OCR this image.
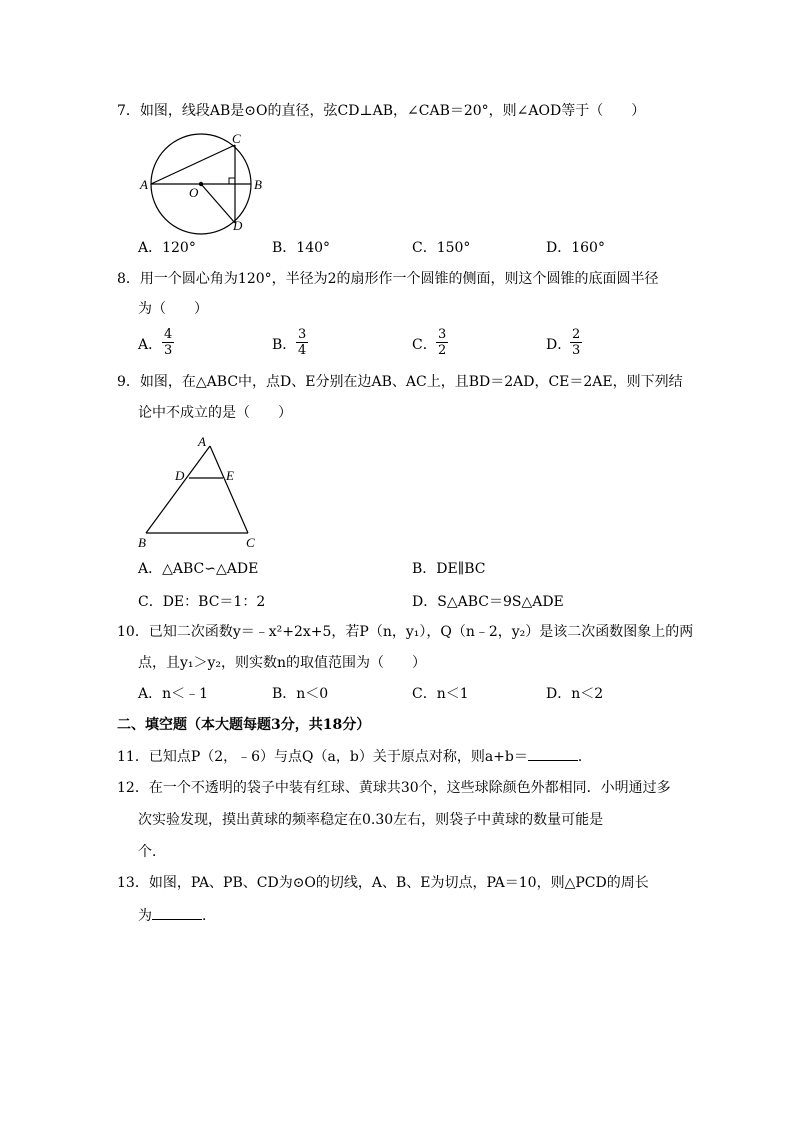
7．如图，线段AB是⊙O的直径，弦CD⊥AB，∠CAB＝20°，则∠AOD等于（　　）
A	B
C
D
O
A．120°	B．140°	C．150°	D．160°
8．用一个圆心角为120°，半径为2的扇形作一个圆锥的侧面，则这个圆锥的底面圆半径
为（　　）
A． $\frac{4}{3}$	B． $\frac{3}{4}$	C． $\frac{3}{2}$	D．
$\frac{2}{3}$
9．如图，在△ABC中，点D、E分别在边AB、AC上，且BD＝2AD，CE＝2AE，则下列结
论中不成立的是（　　）
A
D	E
B	C
A．△ABC∽△ADE	B．DE∥BC
C．DE：BC＝1：2	D．S△ABC＝9S△ADE
10．已知二次函数y＝﹣x²+2x+5，若P（n，y₁），Q（n﹣2，y₂）是该二次函数图象上的两
点，且y₁＞y₂，则实数n的取值范围为（　　）
A．n＜﹣1	B．n＜0	C．n＜1	D．n＜2
二、填空题（本大题每题3分，共18分）
11．已知点P（2，﹣6）与点Q（a，b）关于原点对称，则a+b＝	．
12．在一个不透明的袋子中装有红球、黄球共30个，这些球除颜色外都相同．小明通过多
次实验发现，摸出黄球的频率稳定在0.30左右，则袋子中黄球的数量可能是
个．
13．如图，PA、PB、CD为⊙O的切线，A、B、E为切点，PA＝10，则△PCD的周长
为	．
